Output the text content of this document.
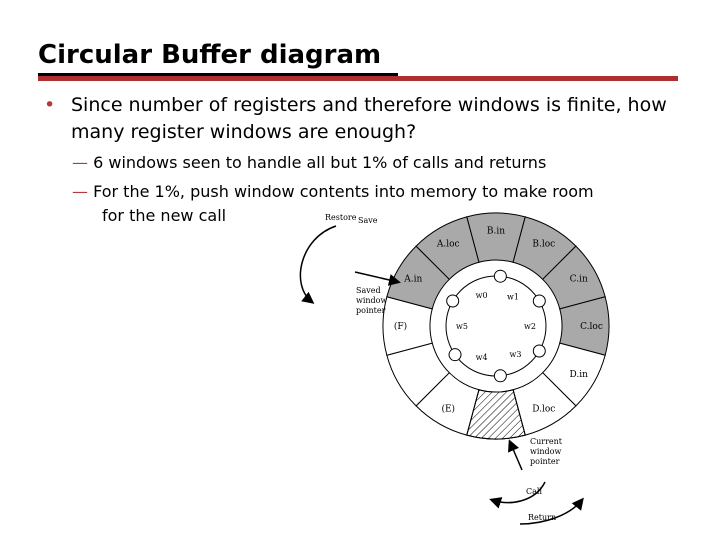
Circular Buffer diagram
• Since number of registers and therefore windows is finite, how many register windows are enough?
— 6 windows seen to handle all but 1% of calls and returns
— For the 1%, push window contents into memory to make room
for the new call
B.in
B.loc
C.in
C.loc
D.in
D.loc
(E)
(F)
A.in
A.loc
w0 w1
w2
w3
w4
w5
Restore Save
Saved
window
pointer
Current
window
pointer
Call
Return
